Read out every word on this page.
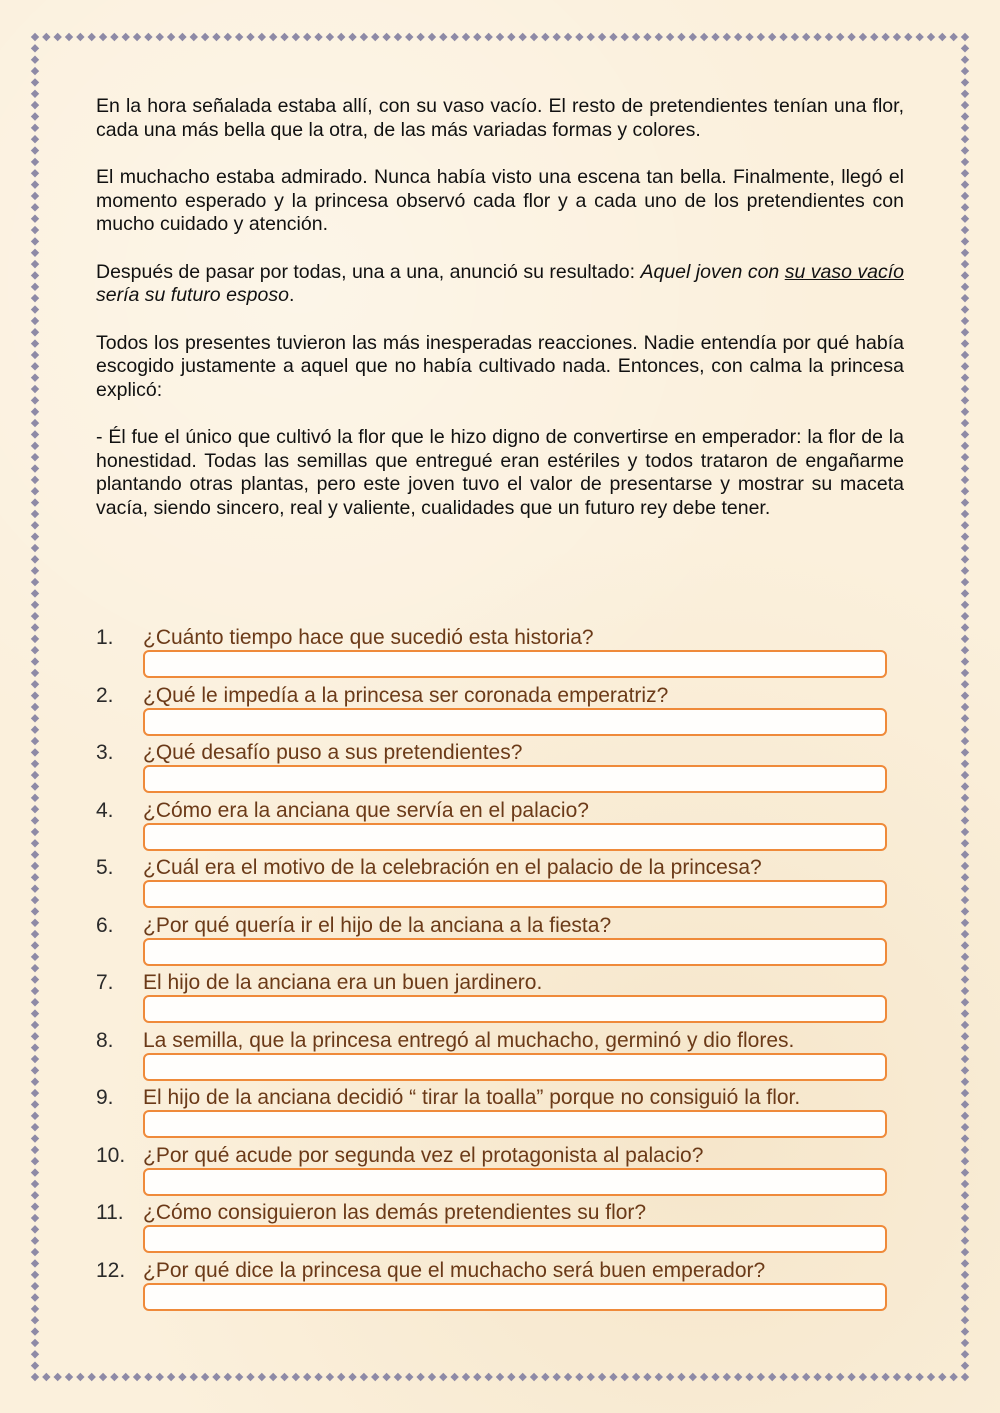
En la hora señalada estaba allí, con su vaso vacío. El resto de pretendientes tenían una flor, cada una más bella que la otra, de las más variadas formas y colores.

El muchacho estaba admirado. Nunca había visto una escena tan bella. Finalmente, llegó el momento esperado y la princesa observó cada flor y a cada uno de los pretendientes con mucho cuidado y atención.

Después de pasar por todas, una a una, anunció su resultado: Aquel joven con su vaso vacío sería su futuro esposo.

Todos los presentes tuvieron las más inesperadas reacciones. Nadie entendía por qué había escogido justamente a aquel que no había cultivado nada. Entonces, con calma la princesa explicó:

- Él fue el único que cultivó la flor que le hizo digno de convertirse en emperador: la flor de la honestidad. Todas las semillas que entregué eran estériles y todos trataron de engañarme plantando otras plantas, pero este joven tuvo el valor de presentarse y mostrar su maceta vacía, siendo sincero, real y valiente, cualidades que un futuro rey debe tener.

1. ¿Cuánto tiempo hace que sucedió esta historia?
2. ¿Qué le impedía a la princesa ser coronada emperatriz?
3. ¿Qué desafío puso a sus pretendientes?
4. ¿Cómo era la anciana que servía en el palacio?
5. ¿Cuál era el motivo de la celebración en el palacio de la princesa?
6. ¿Por qué quería ir el hijo de la anciana a la fiesta?
7. El hijo de la anciana era un buen jardinero.
8. La semilla, que la princesa entregó al muchacho, germinó y dio flores.
9. El hijo de la anciana decidió “ tirar la toalla” porque no consiguió la flor.
10. ¿Por qué acude por segunda vez el protagonista al palacio?
11. ¿Cómo consiguieron las demás pretendientes su flor?
12. ¿Por qué dice la princesa que el muchacho será buen emperador?
